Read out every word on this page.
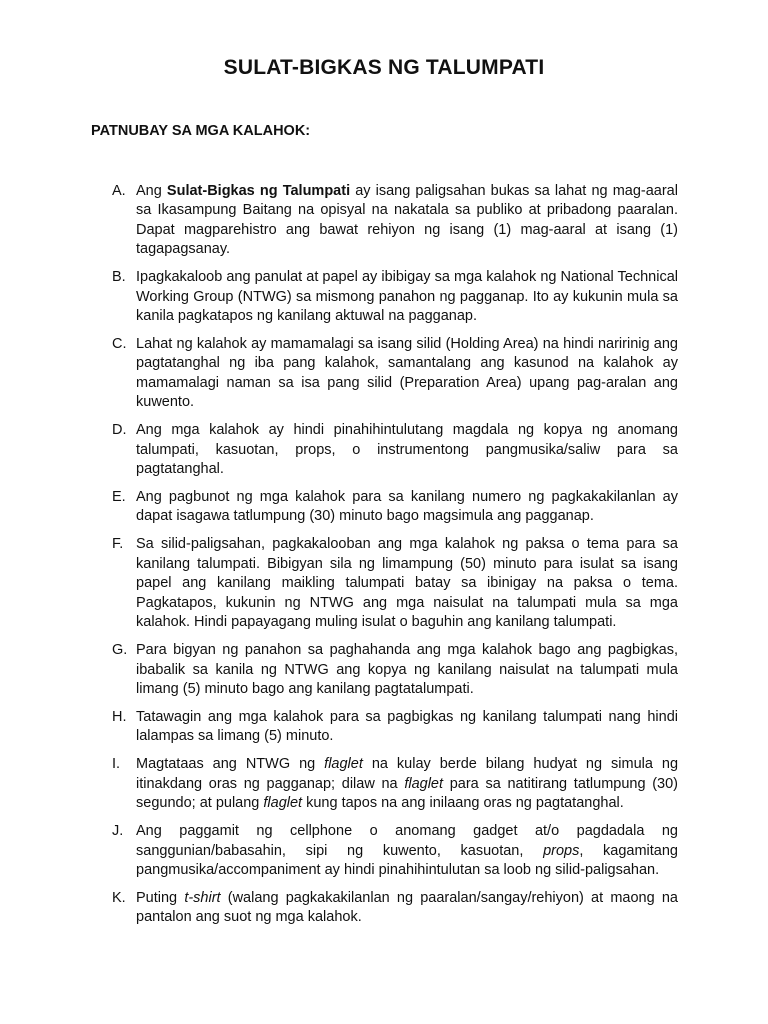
SULAT-BIGKAS NG TALUMPATI
PATNUBAY SA MGA KALAHOK:
A. Ang Sulat-Bigkas ng Talumpati ay isang paligsahan bukas sa lahat ng mag-aaral sa Ikasampung Baitang na opisyal na nakatala sa publiko at pribadong paaralan. Dapat magparehistro ang bawat rehiyon ng isang (1) mag-aaral at isang (1) tagapagsanay.
B. Ipagkakaloob ang panulat at papel ay ibibigay sa mga kalahok ng National Technical Working Group (NTWG) sa mismong panahon ng pagganap. Ito ay kukunin mula sa kanila pagkatapos ng kanilang aktuwal na pagganap.
C. Lahat ng kalahok ay mamamalagi sa isang silid (Holding Area) na hindi naririnig ang pagtatanghal ng iba pang kalahok, samantalang ang kasunod na kalahok ay mamamalagi naman sa isa pang silid (Preparation Area) upang pag-aralan ang kuwento.
D. Ang mga kalahok ay hindi pinahihintulutang magdala ng kopya ng anomang talumpati, kasuotan, props, o instrumentong pangmusika/saliw para sa pagtatanghal.
E. Ang pagbunot ng mga kalahok para sa kanilang numero ng pagkakakilanlan ay dapat isagawa tatlumpung (30) minuto bago magsimula ang pagganap.
F. Sa silid-paligsahan, pagkakalooban ang mga kalahok ng paksa o tema para sa kanilang talumpati. Bibigyan sila ng limampung (50) minuto para isulat sa isang papel ang kanilang maikling talumpati batay sa ibinigay na paksa o tema. Pagkatapos, kukunin ng NTWG ang mga naisulat na talumpati mula sa mga kalahok. Hindi papayagang muling isulat o baguhin ang kanilang talumpati.
G. Para bigyan ng panahon sa paghahanda ang mga kalahok bago ang pagbigkas, ibabalik sa kanila ng NTWG ang kopya ng kanilang naisulat na talumpati mula limang (5) minuto bago ang kanilang pagtatalumpati.
H. Tatawagin ang mga kalahok para sa pagbigkas ng kanilang talumpati nang hindi lalampas sa limang (5) minuto.
I. Magtataas ang NTWG ng flaglet na kulay berde bilang hudyat ng simula ng itinakdang oras ng pagganap; dilaw na flaglet para sa natitirang tatlumpung (30) segundo; at pulang flaglet kung tapos na ang inilaang oras ng pagtatanghal.
J. Ang paggamit ng cellphone o anomang gadget at/o pagdadala ng sanggunian/babasahin, sipi ng kuwento, kasuotan, props, kagamitang pangmusika/accompaniment ay hindi pinahihintulutan sa loob ng silid-paligsahan.
K. Puting t-shirt (walang pagkakakilanlan ng paaralan/sangay/rehiyon) at maong na pantalon ang suot ng mga kalahok.
